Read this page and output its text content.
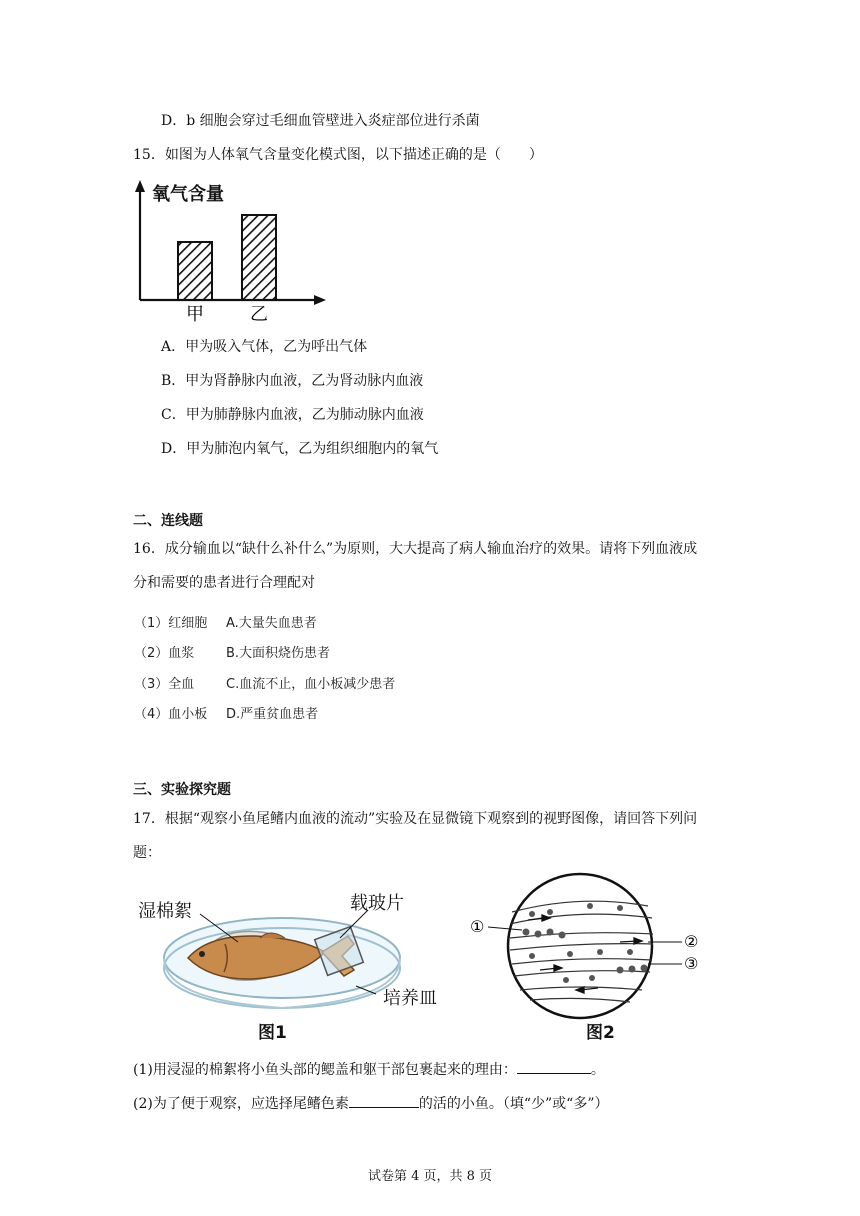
D．b 细胞会穿过毛细血管壁进入炎症部位进行杀菌
15．如图为人体氧气含量变化模式图，以下描述正确的是（　　）
氧气含量
甲	乙
A．甲为吸入气体，乙为呼出气体
B．甲为肾静脉内血液，乙为肾动脉内血液
C．甲为肺静脉内血液，乙为肺动脉内血液
D．甲为肺泡内氧气，乙为组织细胞内的氧气
二、连线题
16．成分输血以“缺什么补什么”为原则，大大提高了病人输血治疗的效果。请将下列血液成
分和需要的患者进行合理配对
（1）红细胞 A.大量失血患者
（2）血浆 B.大面积烧伤患者
（3）全血 C.血流不止，血小板减少患者
（4）血小板 D.严重贫血患者
三、实验探究题
17．根据“观察小鱼尾鳍内血液的流动”实验及在显微镜下观察到的视野图像，请回答下列问
题：
湿棉絮	载玻片
培养皿
图1
①
②
③
图2
(1)用浸湿的棉絮将小鱼头部的鳃盖和躯干部包裹起来的理由：	。
(2)为了便于观察，应选择尾鳍色素	的活的小鱼。（填“少”或“多”）
试卷第 4 页，共 8 页
